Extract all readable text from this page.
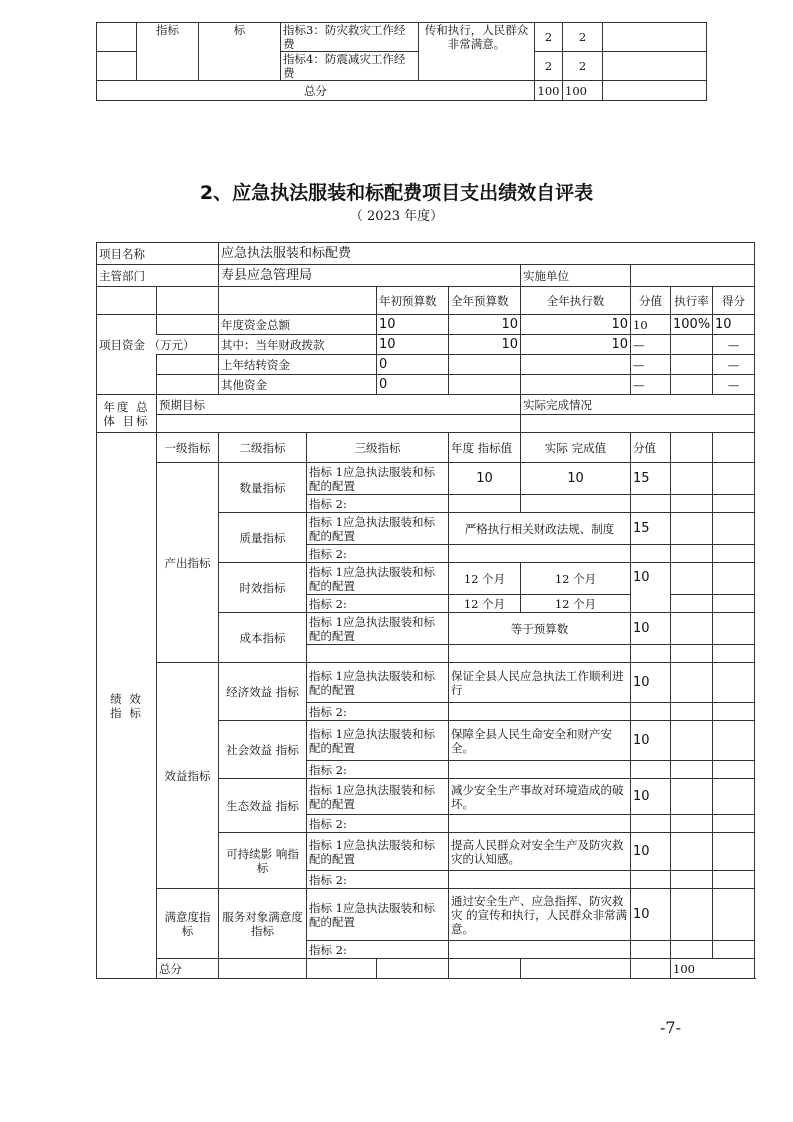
	指标	标	指标3：防灾救灾工作经费	传和执行，人民群众非常满意。	2	2	
			指标4：防震减灾工作经费		2	2	
总分					100	100	
2、应急执法服装和标配费项目支出绩效自评表
（ 2023 年度）
项目名称		应急执法服装和标配费							
主管部门		寿县应急管理局				实施单位			
				年初预算数	全年预算数	全年执行数	分值	执行率	得分
		年度资金总额		10	10	10	10	100%	10
项目资金 （万元）		其中：当年财政拨款		10	10	10	—		—
		上年结转资金		0			—		—
		其他资金		0			—		—
年度 总体 目标	预期目标					实际完成情况			

绩 效 指 标	一级指标	二级指标	三级指标		年度 指标值	实际 完成值	分值		
	产出指标	数量指标	指标 1应急执法服装和标配的配置		10	10	15		
			指标 2:						
		质量指标	指标 1应急执法服装和标配的配置		严格执行相关财政法规、制度		15		
			指标 2:						
		时效指标	指标 1应急执法服装和标配的配置		12 个月	12 个月	10		
			指标 2:		12 个月	12 个月			
		成本指标	指标 1应急执法服装和标配的配置		等于预算数		10		

	效益指标	经济效益 指标	指标 1应急执法服装和标配的配置		保证全县人民应急执法工作顺利进行		10		
			指标 2:						
		社会效益 指标	指标 1应急执法服装和标配的配置		保障全县人民生命安全和财产安全。		10		
			指标 2:						
		生态效益 指标	指标 1应急执法服装和标配的配置		减少安全生产事故对环境造成的破坏。		10		
			指标 2:						
		可持续影 响指标	指标 1应急执法服装和标配的配置		提高人民群众对安全生产及防灾救灾的认知感。		10		
			指标 2:						
	满意度指标	服务对象满意度指标	指标 1应急执法服装和标配的配置		通过安全生产、应急指挥、防灾救灾 的宣传和执行，人民群众非常满意。		10		
			指标 2:						
	总分							100	
-7-
